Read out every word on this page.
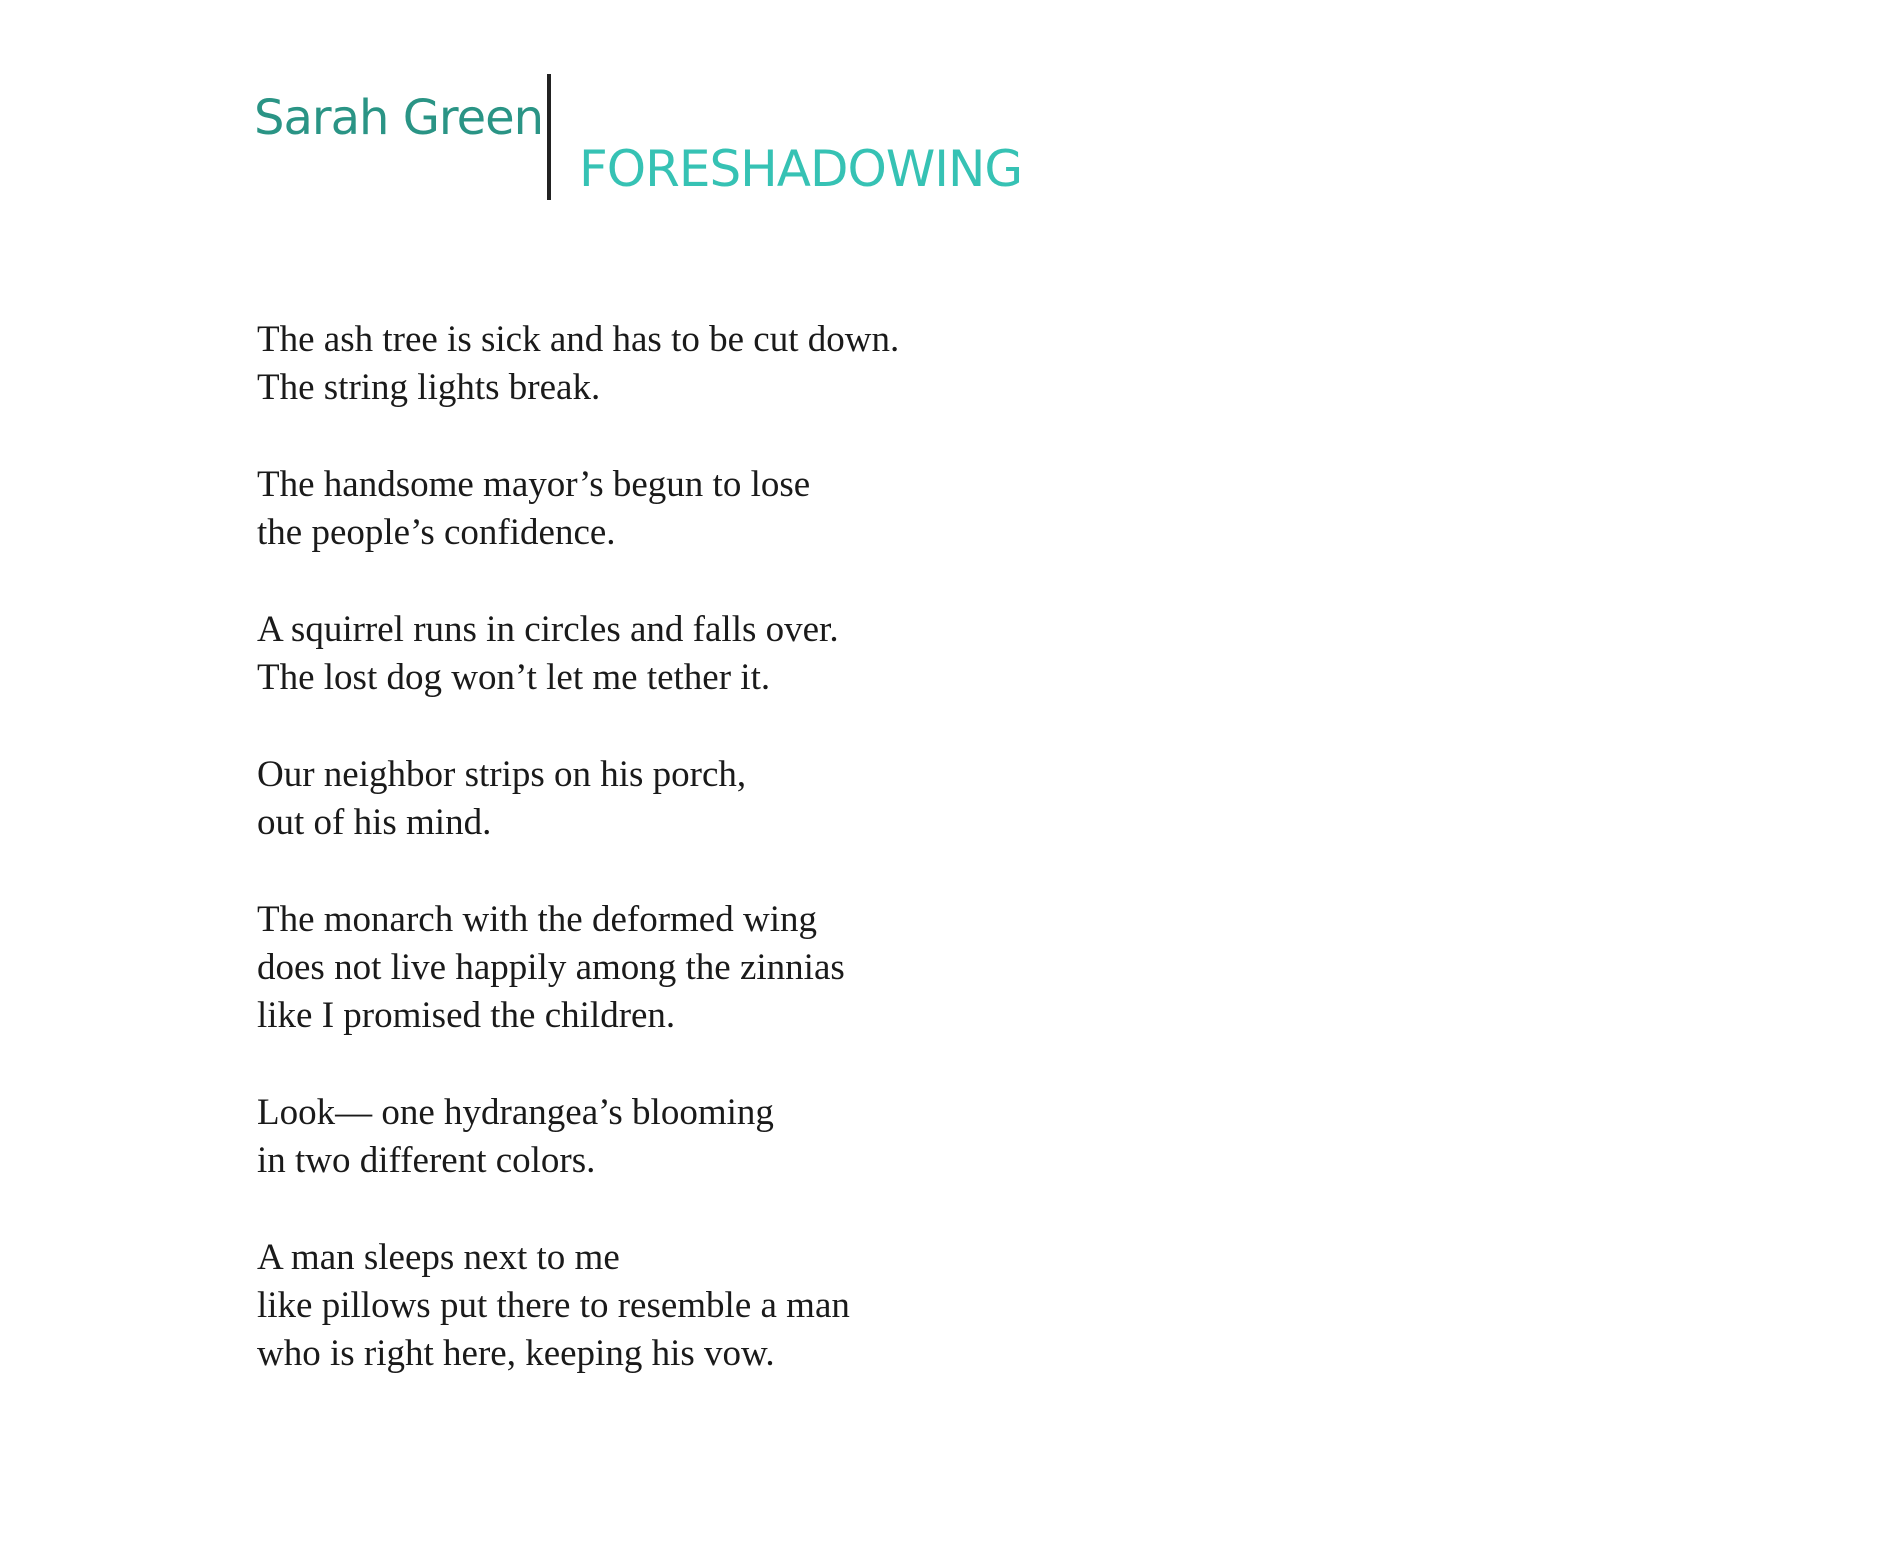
Sarah Green
FORESHADOWING
The ash tree is sick and has to be cut down.
The string lights break.
The handsome mayor’s begun to lose
the people’s confidence.
A squirrel runs in circles and falls over.
The lost dog won’t let me tether it.
Our neighbor strips on his porch,
out of his mind.
The monarch with the deformed wing
does not live happily among the zinnias
like I promised the children.
Look— one hydrangea’s blooming
in two different colors.
A man sleeps next to me
like pillows put there to resemble a man
who is right here, keeping his vow.
